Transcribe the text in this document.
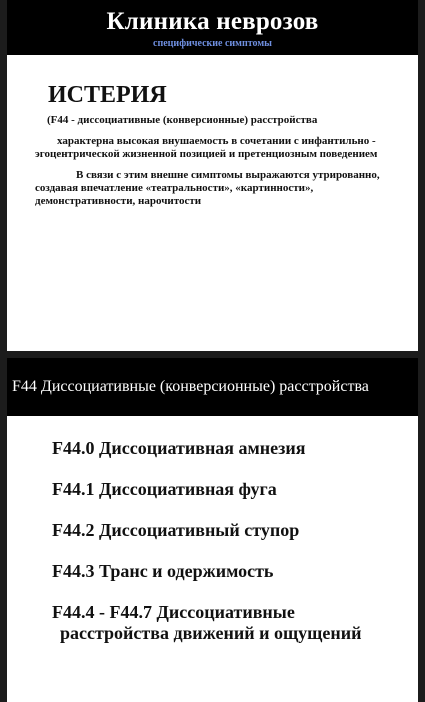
Клиника неврозов
специфические симптомы
ИСТЕРИЯ
(F44 - диссоциативные (конверсионные) расстройства
характерна высокая внушаемость в сочетании с инфантильно - эгоцентрической жизненной позицией и претенциозным поведением
В связи с этим внешне симптомы выражаются утрированно, создавая впечатление «театральности», «картинности», демонстративности, нарочитости
F44 Диссоциативные (конверсионные) расстройства
F44.0 Диссоциативная амнезия
F44.1 Диссоциативная фуга
F44.2 Диссоциативный ступор
F44.3 Транс и одержимость
F44.4 - F44.7 Диссоциативные
расстройства движений и ощущений
